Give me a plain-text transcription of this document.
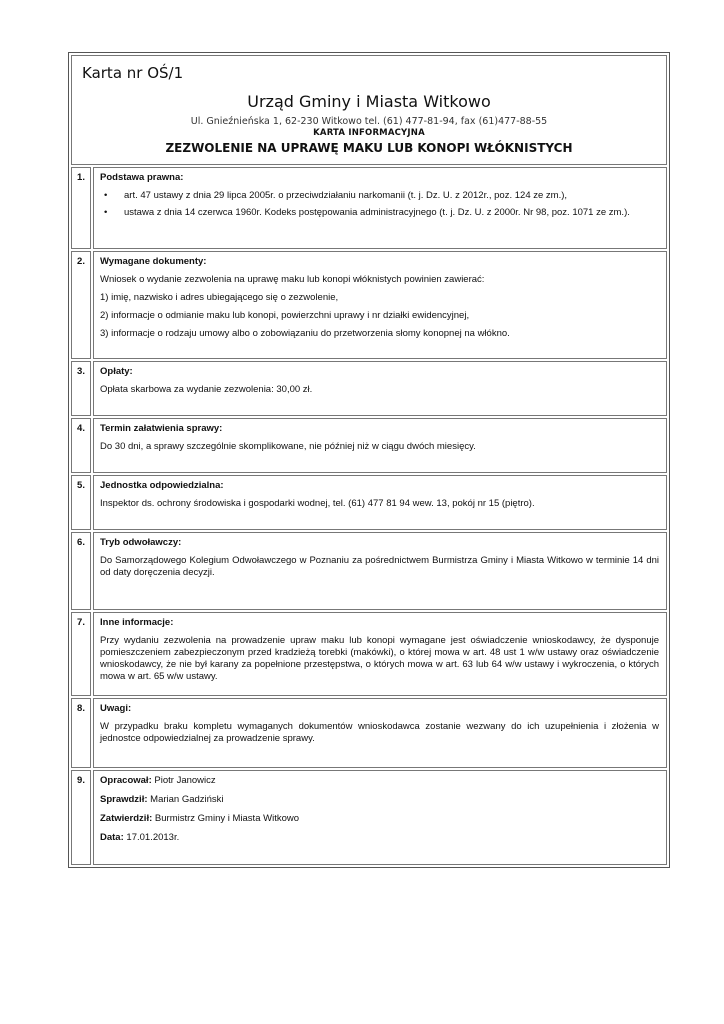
Karta nr OŚ/1
Urząd Gminy i Miasta Witkowo
Ul. Gnieźnieńska 1, 62-230 Witkowo tel. (61) 477-81-94, fax (61)477-88-55
KARTA INFORMACYJNA
ZEZWOLENIE NA UPRAWĘ MAKU LUB KONOPI WŁÓKNISTYCH
1.	Podstawa prawna:
•	art. 47 ustawy z dnia 29 lipca 2005r. o przeciwdziałaniu narkomanii (t. j. Dz. U. z 2012r., poz. 124 ze zm.),
•	ustawa z dnia 14 czerwca 1960r. Kodeks postępowania administracyjnego (t. j. Dz. U. z 2000r. Nr 98, poz. 1071 ze zm.).
2.	Wymagane dokumenty:
Wniosek o wydanie zezwolenia na uprawę maku lub konopi włóknistych powinien zawierać:
1) imię, nazwisko i adres ubiegającego się o zezwolenie,
2) informacje o odmianie maku lub konopi, powierzchni uprawy i nr działki ewidencyjnej,
3) informacje o rodzaju umowy albo o zobowiązaniu do przetworzenia słomy konopnej na włókno.
3.	Opłaty:
Opłata skarbowa za wydanie zezwolenia: 30,00 zł.
4.	Termin załatwienia sprawy:
Do 30 dni, a sprawy szczególnie skomplikowane, nie później niż w ciągu dwóch miesięcy.
5.	Jednostka odpowiedzialna:
Inspektor ds. ochrony środowiska i gospodarki wodnej, tel. (61) 477 81 94 wew. 13, pokój nr 15 (piętro).
6.	Tryb odwoławczy:
Do Samorządowego Kolegium Odwoławczego w Poznaniu za pośrednictwem Burmistrza Gminy i Miasta Witkowo w terminie 14 dni od daty doręczenia decyzji.
7.	Inne informacje:
Przy wydaniu zezwolenia na prowadzenie upraw maku lub konopi wymagane jest oświadczenie wnioskodawcy, że dysponuje pomieszczeniem zabezpieczonym przed kradzieżą torebki (makówki), o której mowa w art. 48 ust 1 w/w ustawy oraz oświadczenie wnioskodawcy, że nie był karany za popełnione przestępstwa, o których mowa w art. 63 lub 64 w/w ustawy i wykroczenia, o których mowa w art. 65 w/w ustawy.
8.	Uwagi:
W przypadku braku kompletu wymaganych dokumentów wnioskodawca zostanie wezwany do ich uzupełnienia i złożenia w jednostce odpowiedzialnej za prowadzenie sprawy.
9.	Opracował: Piotr Janowicz
Sprawdził: Marian Gadziński
Zatwierdził: Burmistrz Gminy i Miasta Witkowo
Data: 17.01.2013r.
